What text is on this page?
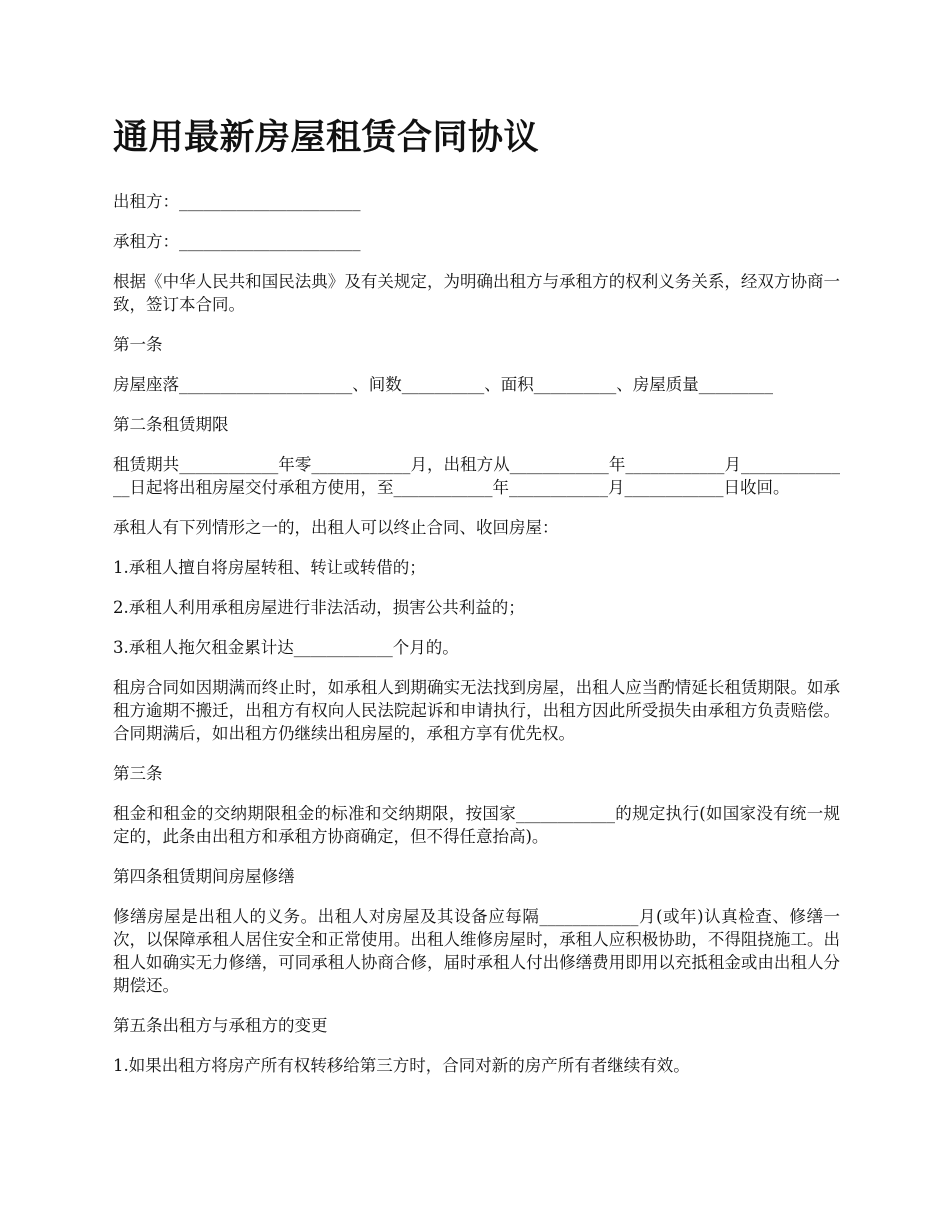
通用最新房屋租赁合同协议

出租方：______________________

承租方：______________________

根据《中华人民共和国民法典》及有关规定，为明确出租方与承租方的权利义务关系，经双方协商一致，签订本合同。

第一条

房屋座落_____________________、间数__________、面积__________、房屋质量_________

第二条租赁期限

租赁期共____________年零____________月，出租方从____________年____________月______________日起将出租房屋交付承租方使用，至____________年____________月____________日收回。

承租人有下列情形之一的，出租人可以终止合同、收回房屋：

1.承租人擅自将房屋转租、转让或转借的；

2.承租人利用承租房屋进行非法活动，损害公共利益的；

3.承租人拖欠租金累计达____________个月的。

租房合同如因期满而终止时，如承租人到期确实无法找到房屋，出租人应当酌情延长租赁期限。如承租方逾期不搬迁，出租方有权向人民法院起诉和申请执行，出租方因此所受损失由承租方负责赔偿。合同期满后，如出租方仍继续出租房屋的，承租方享有优先权。

第三条

租金和租金的交纳期限租金的标准和交纳期限，按国家____________的规定执行(如国家没有统一规定的，此条由出租方和承租方协商确定，但不得任意抬高)。

第四条租赁期间房屋修缮

修缮房屋是出租人的义务。出租人对房屋及其设备应每隔____________月(或年)认真检查、修缮一次，以保障承租人居住安全和正常使用。出租人维修房屋时，承租人应积极协助，不得阻挠施工。出租人如确实无力修缮，可同承租人协商合修，届时承租人付出修缮费用即用以充抵租金或由出租人分期偿还。

第五条出租方与承租方的变更

1.如果出租方将房产所有权转移给第三方时，合同对新的房产所有者继续有效。
